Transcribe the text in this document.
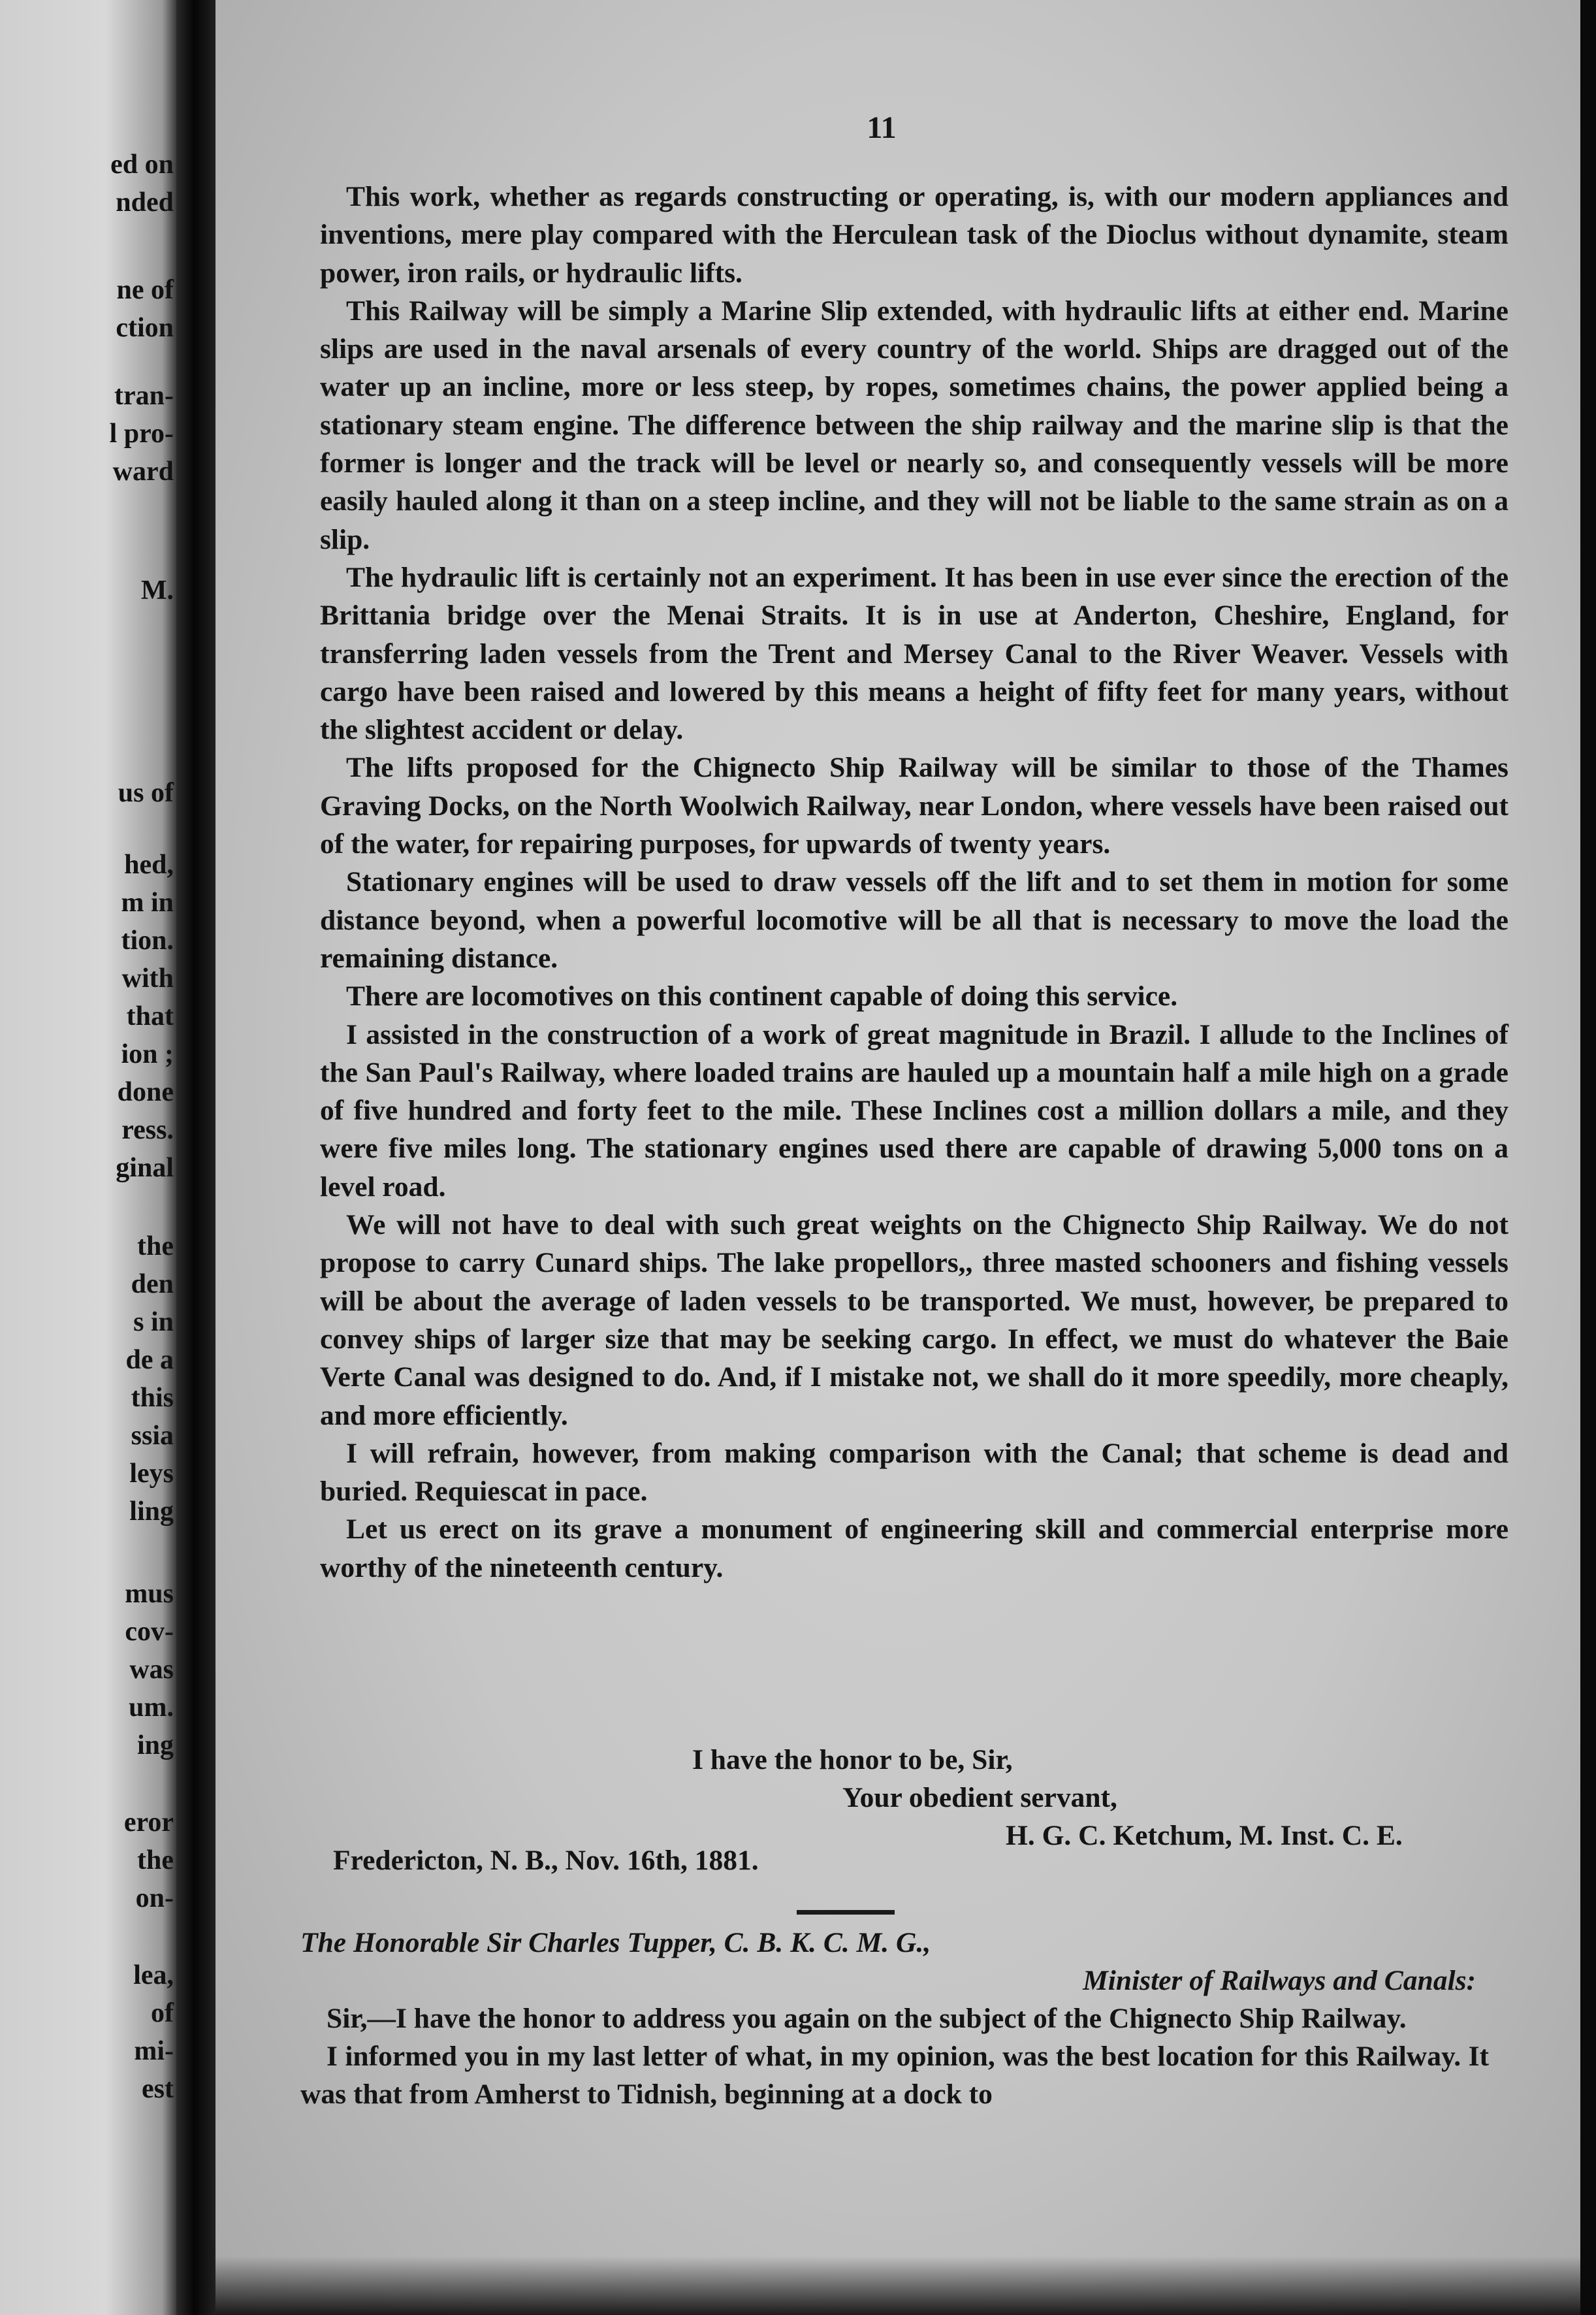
ed on
nded
ne of
ction
tran-
l pro-
ward
M.
us of
hed,
m in
tion.
with
that
ion ;
done
ress.
ginal
the
den
s in
de a
this
ssia
leys
ling
mus
cov-
was
um.
ing
eror
the
on-
lea,
of
mi-
est
11

This work, whether as regards constructing or operating, is, with our modern appliances and inventions, mere play compared with the Herculean task of the Dioclus without dynamite, steam power, iron rails, or hydraulic lifts.

This Railway will be simply a Marine Slip extended, with hydraulic lifts at either end. Marine slips are used in the naval arsenals of every country of the world. Ships are dragged out of the water up an incline, more or less steep, by ropes, sometimes chains, the power applied being a stationary steam engine. The difference between the ship railway and the marine slip is that the former is longer and the track will be level or nearly so, and consequently vessels will be more easily hauled along it than on a steep incline, and they will not be liable to the same strain as on a slip.

The hydraulic lift is certainly not an experiment. It has been in use ever since the erection of the Brittania bridge over the Menai Straits. It is in use at Anderton, Cheshire, England, for transferring laden vessels from the Trent and Mersey Canal to the River Weaver. Vessels with cargo have been raised and lowered by this means a height of fifty feet for many years, without the slightest accident or delay.

The lifts proposed for the Chignecto Ship Railway will be similar to those of the Thames Graving Docks, on the North Woolwich Railway, near London, where vessels have been raised out of the water, for repairing purposes, for upwards of twenty years.

Stationary engines will be used to draw vessels off the lift and to set them in motion for some distance beyond, when a powerful locomotive will be all that is necessary to move the load the remaining distance.

There are locomotives on this continent capable of doing this service.

I assisted in the construction of a work of great magnitude in Brazil. I allude to the Inclines of the San Paul's Railway, where loaded trains are hauled up a mountain half a mile high on a grade of five hundred and forty feet to the mile. These Inclines cost a million dollars a mile, and they were five miles long. The stationary engines used there are capable of drawing 5,000 tons on a level road.

We will not have to deal with such great weights on the Chignecto Ship Railway. We do not propose to carry Cunard ships. The lake propellors,, three masted schooners and fishing vessels will be about the average of laden vessels to be transported. We must, however, be prepared to convey ships of larger size that may be seeking cargo. In effect, we must do whatever the Baie Verte Canal was designed to do. And, if I mistake not, we shall do it more speedily, more cheaply, and more efficiently.

I will refrain, however, from making comparison with the Canal; that scheme is dead and buried. Requiescat in pace.

Let us erect on its grave a monument of engineering skill and commercial enterprise more worthy of the nineteenth century.

I have the honor to be, Sir,
Your obedient servant,
H. G. C. Ketchum, M. Inst. C. E.
Fredericton, N. B., Nov. 16th, 1881.
The Honorable Sir Charles Tupper, C. B. K. C. M. G.,
Minister of Railways and Canals:

Sir,—I have the honor to address you again on the subject of the Chignecto Ship Railway.

I informed you in my last letter of what, in my opinion, was the best location for this Railway. It was that from Amherst to Tidnish, beginning at a dock to
